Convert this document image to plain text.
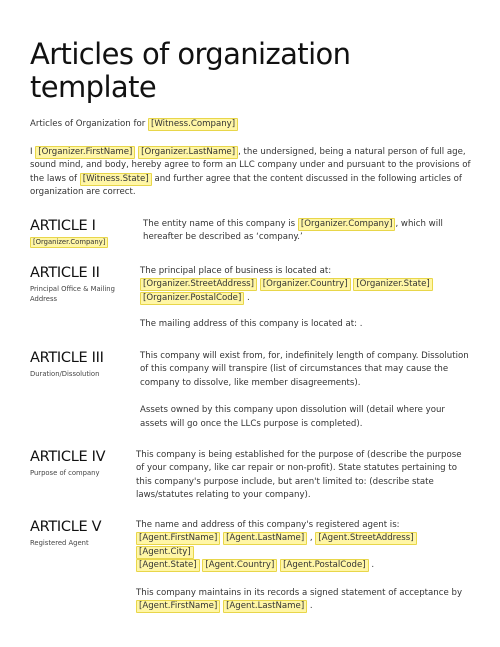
Articles of organization template
Articles of Organization for [Witness.Company]
I [Organizer.FirstName] [Organizer.LastName] , the undersigned, being a natural person of full age, sound mind, and body, hereby agree to form an LLC company under and pursuant to the provisions of the laws of [Witness.State] and further agree that the content discussed in the following articles of organization are correct.
ARTICLE I
[Organizer.Company]

The entity name of this company is [Organizer.Company] , which will hereafter be described as ‘company.’

ARTICLE II
Principal Office & Mailing Address

The principal place of business is located at:
[Organizer.StreetAddress] [Organizer.Country] [Organizer.State] [Organizer.PostalCode] .

The mailing address of this company is located at: .

ARTICLE III
Duration/Dissolution

This company will exist from, for, indefinitely length of company. Dissolution of this company will transpire (list of circumstances that may cause the company to dissolve, like member disagreements).

Assets owned by this company upon dissolution will (detail where your assets will go once the LLCs purpose is completed).

ARTICLE IV
Purpose of company

This company is being established for the purpose of (describe the purpose of your company, like car repair or non-profit). State statutes pertaining to this company's purpose include, but aren't limited to: (describe state laws/statutes relating to your company).

ARTICLE V
Registered Agent

The name and address of this company's registered agent is:
[Agent.FirstName] [Agent.LastName] , [Agent.StreetAddress] [Agent.City]
[Agent.State] [Agent.Country] [Agent.PostalCode] .

This company maintains in its records a signed statement of acceptance by
[Agent.FirstName] [Agent.LastName] .
